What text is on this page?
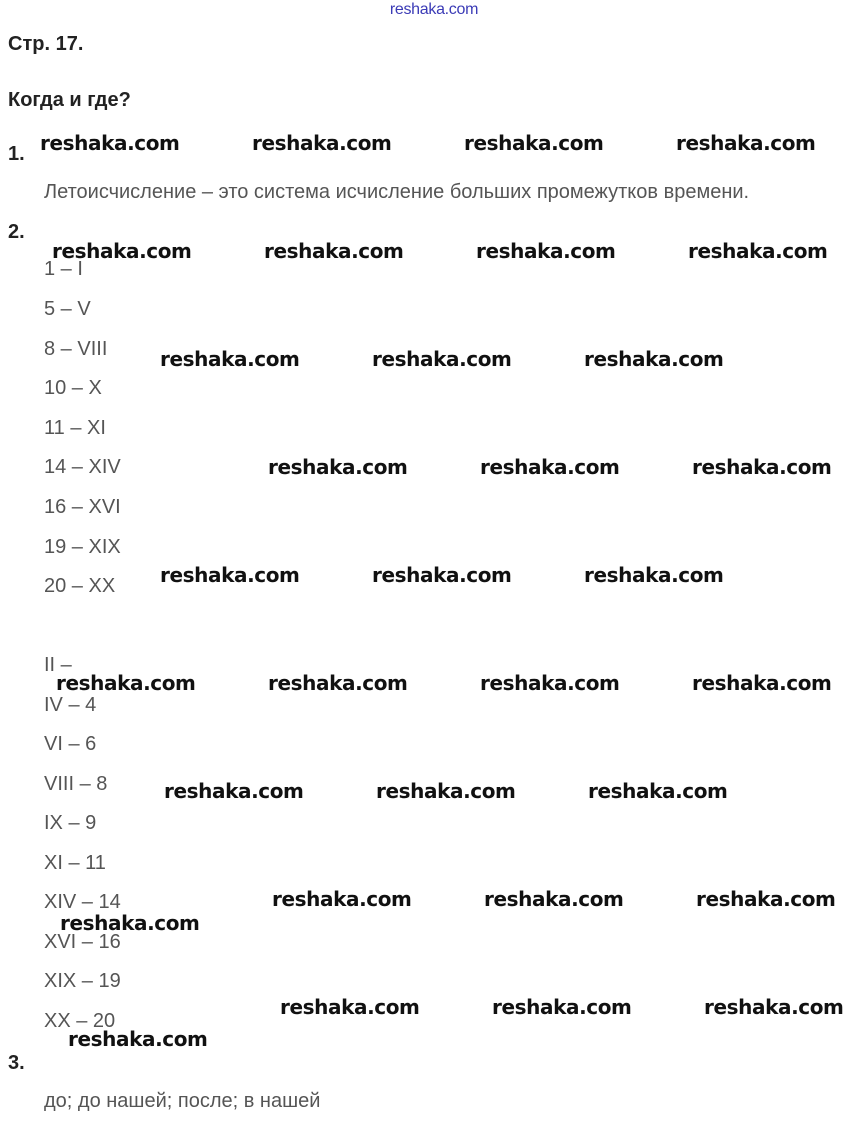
reshaka.com
Стр. 17.
Когда и где?
1.
Летоисчисление – это система исчисление больших промежутков времени.
2.
1 – I
5 – V
8 – VIII
10 – X
11 – XI
14 – XIV
16 – XVI
19 – XIX
20 – XX
II –
IV – 4
VI – 6
VIII – 8
IX – 9
XI – 11
XIV – 14
XVI – 16
XIX – 19
XX – 20
3.
до; до нашей; после; в нашей
reshaka.com	reshaka.com	reshaka.com	reshaka.com
reshaka.com	reshaka.com	reshaka.com	reshaka.com
reshaka.com	reshaka.com	reshaka.com
reshaka.com	reshaka.com	reshaka.com
reshaka.com	reshaka.com	reshaka.com
reshaka.com	reshaka.com	reshaka.com	reshaka.com
reshaka.com	reshaka.com	reshaka.com
reshaka.com	reshaka.com	reshaka.com
reshaka.com
reshaka.com	reshaka.com	reshaka.com
reshaka.com
